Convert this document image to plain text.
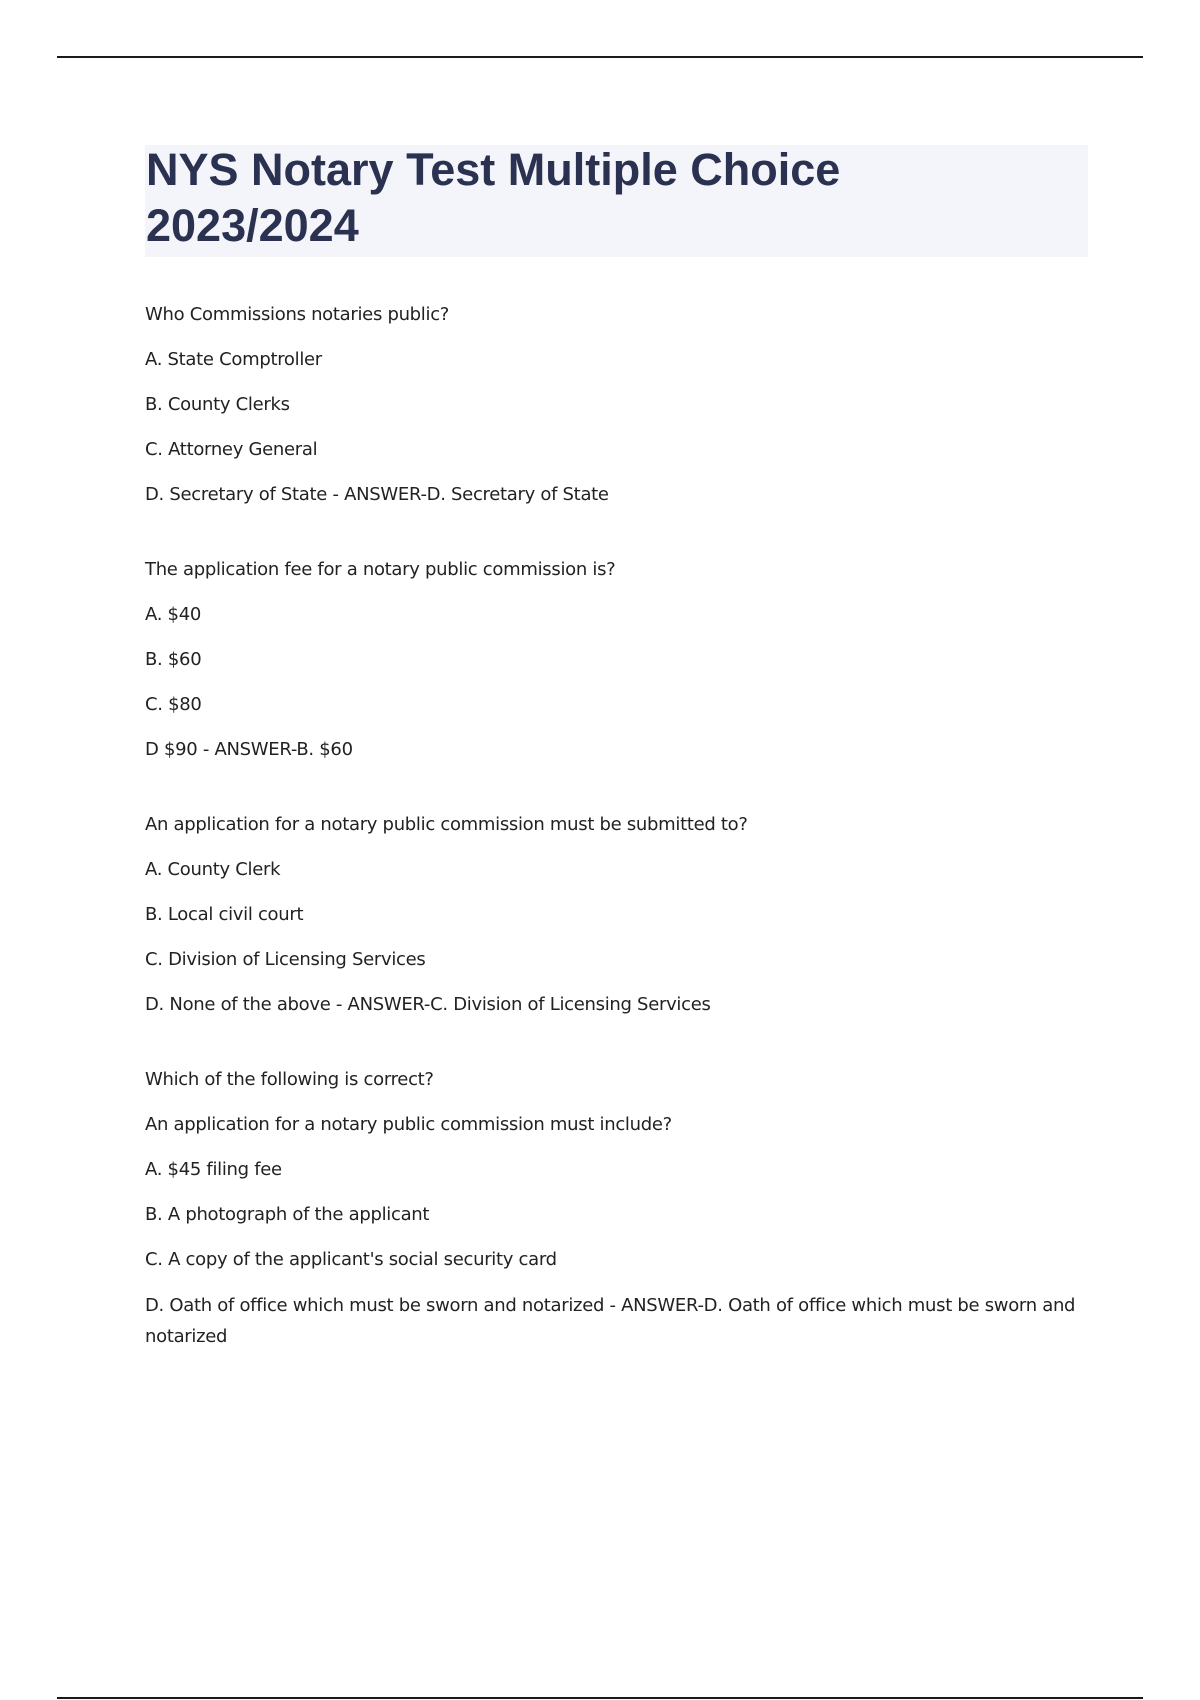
NYS Notary Test Multiple Choice
2023/2024

Who Commissions notaries public?

A. State Comptroller

B. County Clerks

C. Attorney General

D. Secretary of State - ANSWER-D. Secretary of State

The application fee for a notary public commission is?

A. $40

B. $60

C. $80

D $90 - ANSWER-B. $60

An application for a notary public commission must be submitted to?

A. County Clerk

B. Local civil court

C. Division of Licensing Services

D. None of the above - ANSWER-C. Division of Licensing Services

Which of the following is correct?

An application for a notary public commission must include?

A. $45 filing fee

B. A photograph of the applicant

C. A copy of the applicant's social security card

D. Oath of office which must be sworn and notarized - ANSWER-D. Oath of office which must be sworn and notarized
